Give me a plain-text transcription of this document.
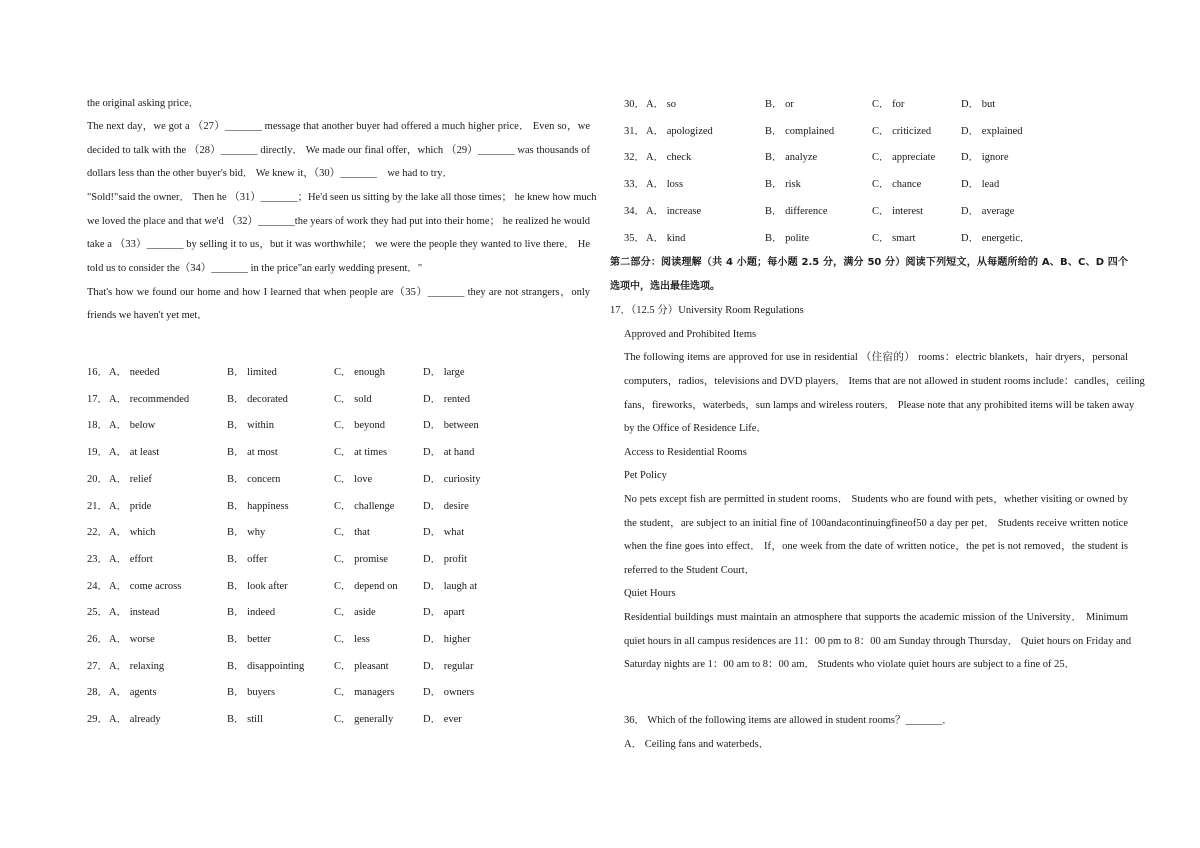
the original asking price．
The next day，we got a （27）_______ message that another buyer had offered a much higher price． Even so，we
decided to talk with the （28）_______ directly． We made our final offer，which （29）_______ was thousands of
dollars less than the other buyer's bid． We knew it，（30）_______    we had to try．
"Sold!"said the owner． Then he （31）_______；He'd seen us sitting by the lake all those times； he knew how much
we loved the place and that we'd （32）_______the years of work they had put into their home； he realized he would
take a （33）_______ by selling it to us，but it was worthwhile； we were the people they wanted to live there． He
told us to consider the（34）_______ in the price"an early wedding present．"
That's how we found our home and how I learned that when people are（35）_______ they are not strangers，only
friends we haven't yet met．
16． A． needed	B． limited	C． enough	D． large
17． A． recommended	B． decorated	C． sold	D． rented
18． A． below	B． within	C． beyond	D． between
19． A． at least	B． at most	C． at times	D． at hand
20． A． relief	B． concern	C． love	D． curiosity
21． A． pride	B． happiness	C． challenge	D． desire
22． A． which	B． why	C． that	D． what
23． A． effort	B． offer	C． promise	D． profit
24． A． come across	B． look after	C． depend on D． laugh at
25． A． instead	B． indeed	C． aside	D． apart
26． A． worse	B． better	C． less	D． higher
27． A． relaxing	B． disappointing	C． pleasant	D． regular
28． A． agents	B． buyers	C． managers	D． owners
29． A． already	B． still	C． generally	D． ever
30． A． so	B． or	C． for	D． but
31． A． apologized	B． complained	C． criticized	D． explained
32． A． check	B． analyze	C． appreciate D． ignore
33． A． loss	B． risk	C． chance	D． lead
34． A． increase	B． difference	C． interest	D． average
35． A． kind	B． polite	C． smart	D． energetic．
第二部分：阅读理解（共 4 小题；每小题 2.5 分，满分 50 分）阅读下列短文，从每题所给的 A、B、C、D 四个
选项中，选出最佳选项。
17．（12.5 分）University Room Regulations
Approved and Prohibited Items
The following items are approved for use in residential （住宿的） rooms：electric blankets，hair dryers，personal
computers，radios，televisions and DVD players． Items that are not allowed in student rooms include：candles，ceiling
fans，fireworks，waterbeds，sun lamps and wireless routers． Please note that any prohibited items will be taken away
by the Office of Residence Life．
Access to Residential Rooms
Pet Policy
No pets except fish are permitted in student rooms． Students who are found with pets，whether visiting or owned by
the student，are subject to an initial fine of 100andacontinuingfineof50 a day per pet． Students receive written notice
when the fine goes into effect． If，one week from the date of written notice，the pet is not removed，the student is
referred to the Student Court．
Quiet Hours
Residential buildings must maintain an atmosphere that supports the academic mission of the University． Minimum
quiet hours in all campus residences are 11：00 pm to 8：00 am Sunday through Thursday． Quiet hours on Friday and
Saturday nights are 1：00 am to 8：00 am． Students who violate quiet hours are subject to a fine of 25．
36． Which of the following items are allowed in student rooms？_______．
A． Ceiling fans and waterbeds．
